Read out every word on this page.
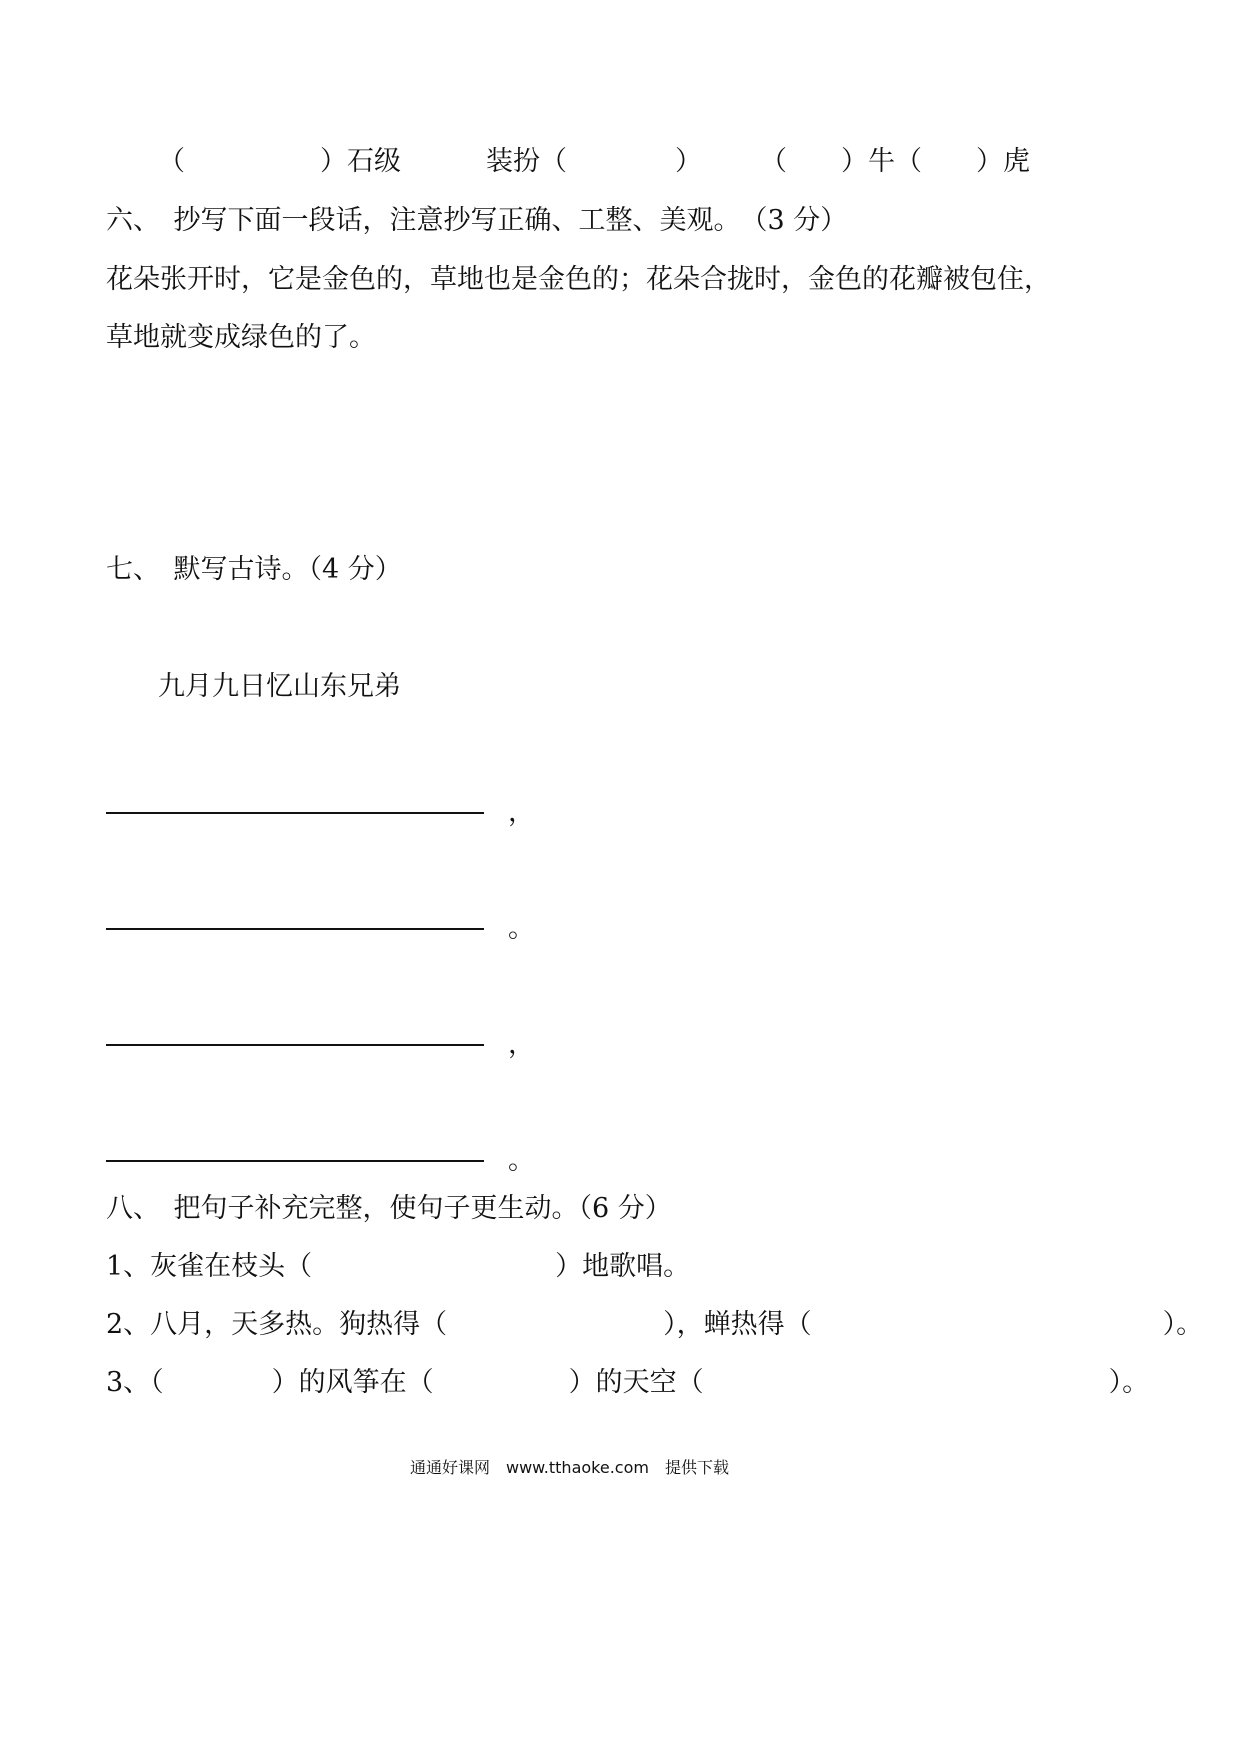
（　　　　　）石级	装扮（　　　　） （　　）牛（　　）虎
六、　抄写下面一段话，注意抄写正确、工整、美观。　（3 分）
花朵张开时，它是金色的，草地也是金色的；花朵合拢时，金色的花瓣被包住，
草地就变成绿色的了。
七、　默写古诗。（4 分）
九月九日忆山东兄弟
，
。
，
。
八、　把句子补充完整，使句子更生动。（6 分）
1、灰雀在枝头（　　　　　　　　　）地歌唱。
2、八月，天多热。狗热得（　　　　　　　　），蝉热得（　　　　　　　　　　　　　）。
3、（　　　　）的风筝在（　　　　　）的天空（　　　　　　　　　　　　　　　）。
通通好课网　www.tthaoke.com　提供下载
